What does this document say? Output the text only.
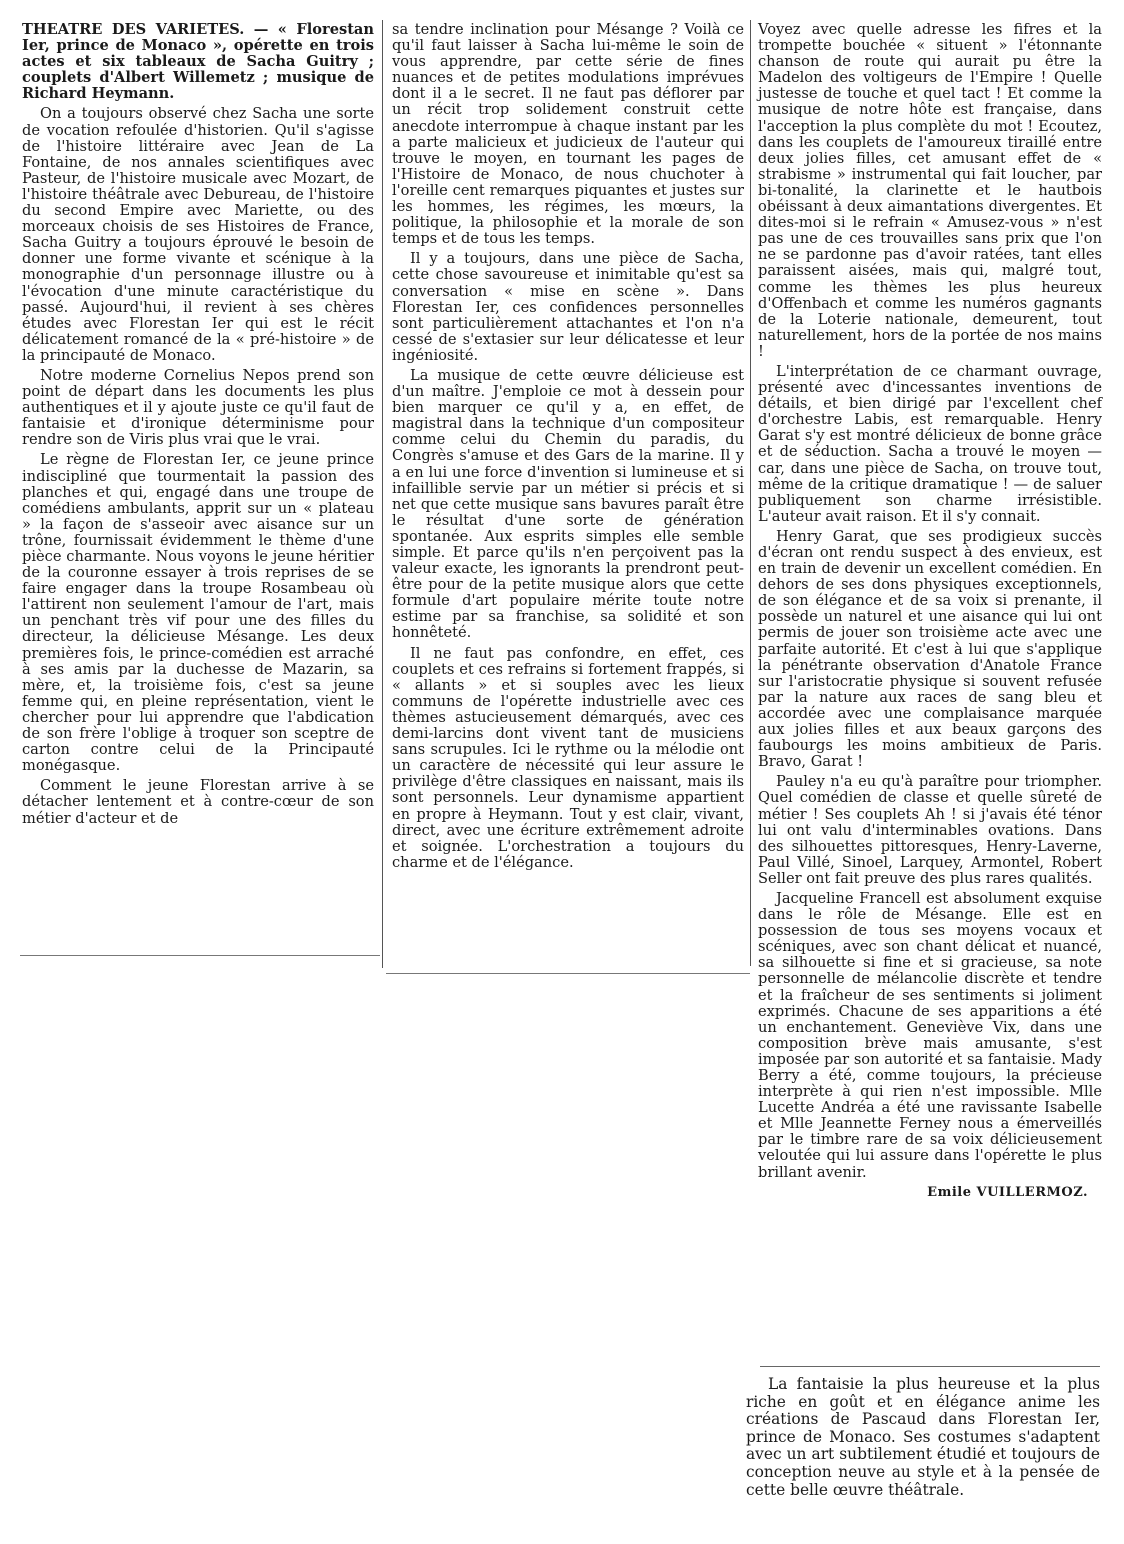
THEATRE DES VARIETES. — « Florestan Ier, prince de Monaco », opérette en trois actes et six tableaux de Sacha Guitry ; couplets d'Albert Willemetz ; musique de Richard Heymann.

On a toujours observé chez Sacha une sorte de vocation refoulée d'historien. Qu'il s'agisse de l'histoire littéraire avec Jean de La Fontaine, de nos annales scientifiques avec Pasteur, de l'histoire musicale avec Mozart, de l'histoire théâtrale avec Debureau, de l'histoire du second Empire avec Mariette, ou des morceaux choisis de ses Histoires de France, Sacha Guitry a toujours éprouvé le besoin de donner une forme vivante et scénique à la monographie d'un personnage illustre ou à l'évocation d'une minute caractéristique du passé. Aujourd'hui, il revient à ses chères études avec Florestan Ier qui est le récit délicatement romancé de la « pré-histoire » de la principauté de Monaco.

Notre moderne Cornelius Nepos prend son point de départ dans les documents les plus authentiques et il y ajoute juste ce qu'il faut de fantaisie et d'ironique déterminisme pour rendre son de Viris plus vrai que le vrai.

Le règne de Florestan Ier, ce jeune prince indiscipliné que tourmentait la passion des planches et qui, engagé dans une troupe de comédiens ambulants, apprit sur un « plateau » la façon de s'asseoir avec aisance sur un trône, fournissait évidemment le thème d'une pièce charmante. Nous voyons le jeune héritier de la couronne essayer à trois reprises de se faire engager dans la troupe Rosambeau où l'attirent non seulement l'amour de l'art, mais un penchant très vif pour une des filles du directeur, la délicieuse Mésange. Les deux premières fois, le prince-comédien est arraché à ses amis par la duchesse de Mazarin, sa mère, et, la troisième fois, c'est sa jeune femme qui, en pleine représentation, vient le chercher pour lui apprendre que l'abdication de son frère l'oblige à troquer son sceptre de carton contre celui de la Principauté monégasque.

Comment le jeune Florestan arrive à se détacher lentement et à contre-cœur de son métier d'acteur et de

sa tendre inclination pour Mésange ? Voilà ce qu'il faut laisser à Sacha lui-même le soin de vous apprendre, par cette série de fines nuances et de petites modulations imprévues dont il a le secret. Il ne faut pas déflorer par un récit trop solidement construit cette anecdote interrompue à chaque instant par les a parte malicieux et judicieux de l'auteur qui trouve le moyen, en tournant les pages de l'Histoire de Monaco, de nous chuchoter à l'oreille cent remarques piquantes et justes sur les hommes, les régimes, les mœurs, la politique, la philosophie et la morale de son temps et de tous les temps.

Il y a toujours, dans une pièce de Sacha, cette chose savoureuse et inimitable qu'est sa conversation « mise en scène ». Dans Florestan Ier, ces confidences personnelles sont particulièrement attachantes et l'on n'a cessé de s'extasier sur leur délicatesse et leur ingéniosité.

La musique de cette œuvre délicieuse est d'un maître. J'emploie ce mot à dessein pour bien marquer ce qu'il y a, en effet, de magistral dans la technique d'un compositeur comme celui du Chemin du paradis, du Congrès s'amuse et des Gars de la marine. Il y a en lui une force d'invention si lumineuse et si infaillible servie par un métier si précis et si net que cette musique sans bavures paraît être le résultat d'une sorte de génération spontanée. Aux esprits simples elle semble simple. Et parce qu'ils n'en perçoivent pas la valeur exacte, les ignorants la prendront peut-être pour de la petite musique alors que cette formule d'art populaire mérite toute notre estime par sa franchise, sa solidité et son honnêteté.

Il ne faut pas confondre, en effet, ces couplets et ces refrains si fortement frappés, si « allants » et si souples avec les lieux communs de l'opérette industrielle avec ces thèmes astucieusement démarqués, avec ces demi-larcins dont vivent tant de musiciens sans scrupules. Ici le rythme ou la mélodie ont un caractère de nécessité qui leur assure le privilège d'être classiques en naissant, mais ils sont personnels. Leur dynamisme appartient en propre à Heymann. Tout y est clair, vivant, direct, avec une écriture extrêmement adroite et soignée. L'orchestration a toujours du charme et de l'élégance.

Voyez avec quelle adresse les fifres et la trompette bouchée « situent » l'étonnante chanson de route qui aurait pu être la Madelon des voltigeurs de l'Empire ! Quelle justesse de touche et quel tact ! Et comme la musique de notre hôte est française, dans l'acception la plus complète du mot ! Ecoutez, dans les couplets de l'amoureux tiraillé entre deux jolies filles, cet amusant effet de « strabisme » instrumental qui fait loucher, par bi-tonalité, la clarinette et le hautbois obéissant à deux aimantations divergentes. Et dites-moi si le refrain « Amusez-vous » n'est pas une de ces trouvailles sans prix que l'on ne se pardonne pas d'avoir ratées, tant elles paraissent aisées, mais qui, malgré tout, comme les thèmes les plus heureux d'Offenbach et comme les numéros gagnants de la Loterie nationale, demeurent, tout naturellement, hors de la portée de nos mains !

L'interprétation de ce charmant ouvrage, présenté avec d'incessantes inventions de détails, et bien dirigé par l'excellent chef d'orchestre Labis, est remarquable. Henry Garat s'y est montré délicieux de bonne grâce et de séduction. Sacha a trouvé le moyen — car, dans une pièce de Sacha, on trouve tout, même de la critique dramatique ! — de saluer publiquement son charme irrésistible. L'auteur avait raison. Et il s'y connait.

Henry Garat, que ses prodigieux succès d'écran ont rendu suspect à des envieux, est en train de devenir un excellent comédien. En dehors de ses dons physiques exceptionnels, de son élégance et de sa voix si prenante, il possède un naturel et une aisance qui lui ont permis de jouer son troisième acte avec une parfaite autorité. Et c'est à lui que s'applique la pénétrante observation d'Anatole France sur l'aristocratie physique si souvent refusée par la nature aux races de sang bleu et accordée avec une complaisance marquée aux jolies filles et aux beaux garçons des faubourgs les moins ambitieux de Paris. Bravo, Garat !

Pauley n'a eu qu'à paraître pour triompher. Quel comédien de classe et quelle sûreté de métier ! Ses couplets Ah ! si j'avais été ténor lui ont valu d'interminables ovations. Dans des silhouettes pittoresques, Henry-Laverne, Paul Villé, Sinoel, Larquey, Armontel, Robert Seller ont fait preuve des plus rares qualités.

Jacqueline Francell est absolument exquise dans le rôle de Mésange. Elle est en possession de tous ses moyens vocaux et scéniques, avec son chant délicat et nuancé, sa silhouette si fine et si gracieuse, sa note personnelle de mélancolie discrète et tendre et la fraîcheur de ses sentiments si joliment exprimés. Chacune de ses apparitions a été un enchantement. Geneviève Vix, dans une composition brève mais amusante, s'est imposée par son autorité et sa fantaisie. Mady Berry a été, comme toujours, la précieuse interprète à qui rien n'est impossible. Mlle Lucette Andréa a été une ravissante Isabelle et Mlle Jeannette Ferney nous a émerveillés par le timbre rare de sa voix délicieusement veloutée qui lui assure dans l'opérette le plus brillant avenir.

Emile VUILLERMOZ.

La fantaisie la plus heureuse et la plus riche en goût et en élégance anime les créations de Pascaud dans Florestan Ier, prince de Monaco. Ses costumes s'adaptent avec un art subtilement étudié et toujours de conception neuve au style et à la pensée de cette belle œuvre théâtrale.
